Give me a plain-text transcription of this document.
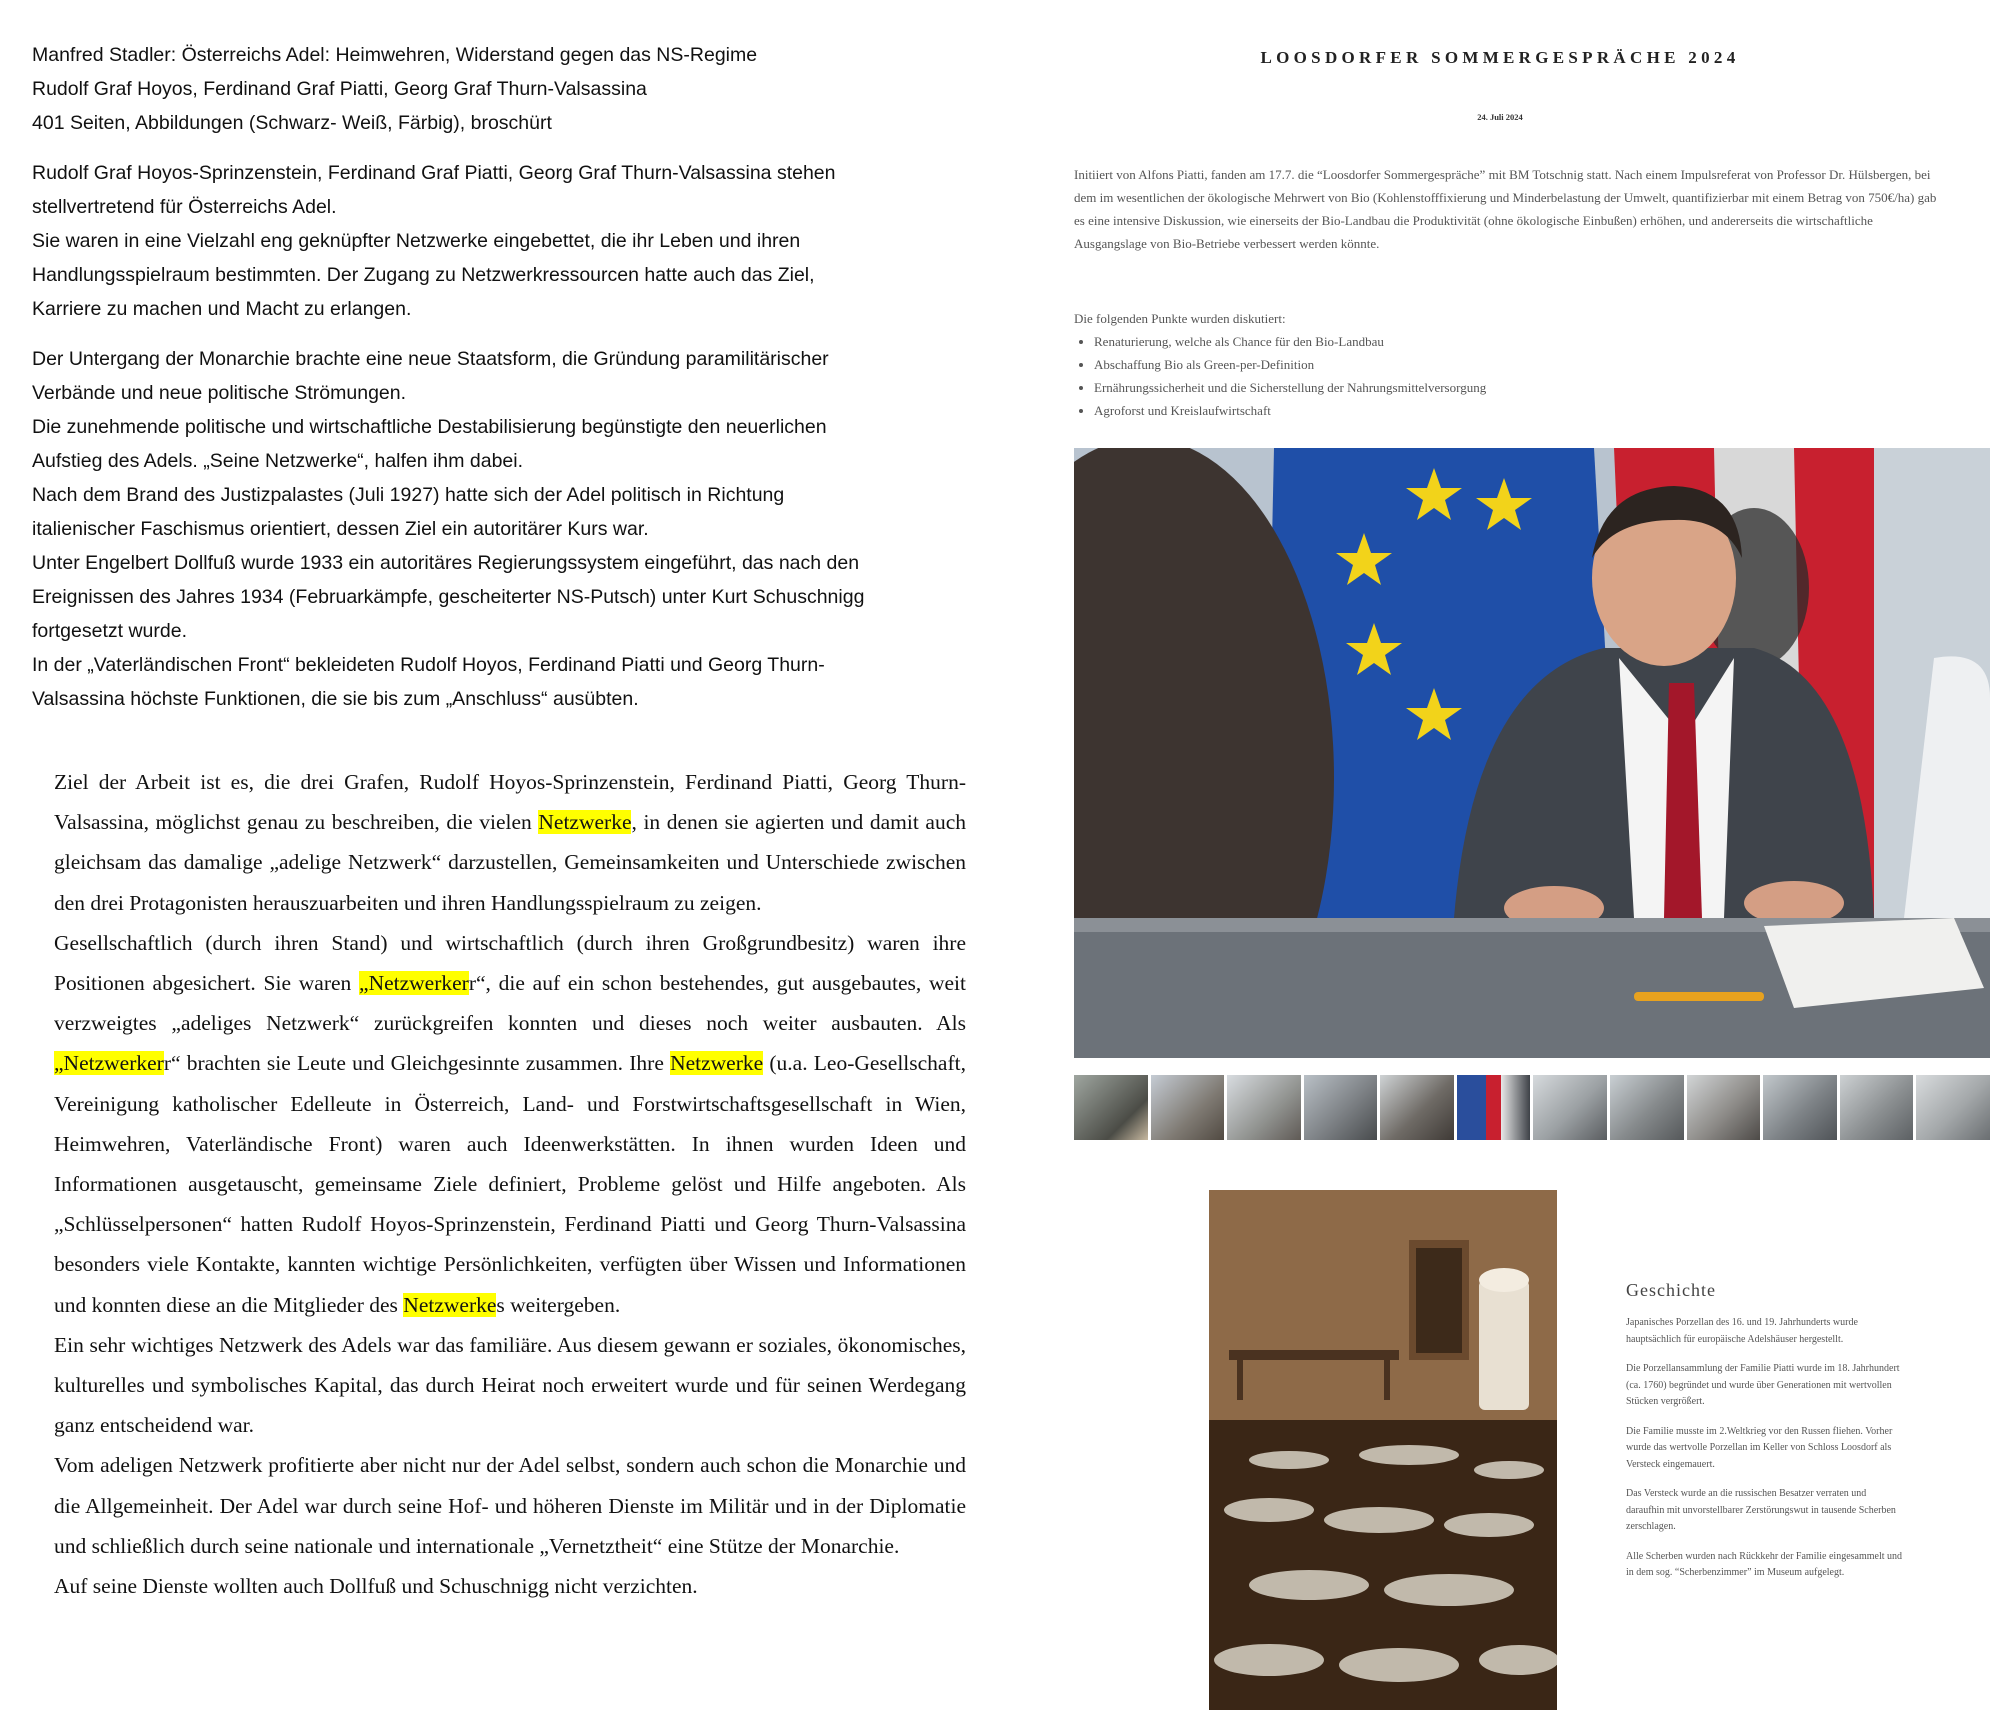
Manfred Stadler: Österreichs Adel: Heimwehren, Widerstand gegen das NS-Regime

Rudolf Graf Hoyos, Ferdinand Graf Piatti, Georg Graf Thurn-Valsassina

401 Seiten, Abbildungen (Schwarz- Weiß, Färbig), broschürt

Rudolf Graf Hoyos-Sprinzenstein, Ferdinand Graf Piatti, Georg Graf Thurn-Valsassina stehen

stellvertretend für Österreichs Adel.

Sie waren in eine Vielzahl eng geknüpfter Netzwerke eingebettet, die ihr Leben und ihren

Handlungsspielraum bestimmten. Der Zugang zu Netzwerkressourcen hatte auch das Ziel,

Karriere zu machen und Macht zu erlangen.

Der Untergang der Monarchie brachte eine neue Staatsform, die Gründung paramilitärischer

Verbände und neue politische Strömungen.

Die zunehmende politische und wirtschaftliche Destabilisierung begünstigte den neuerlichen

Aufstieg des Adels. „Seine Netzwerke“, halfen ihm dabei.

Nach dem Brand des Justizpalastes (Juli 1927) hatte sich der Adel politisch in Richtung

italienischer Faschismus orientiert, dessen Ziel ein autoritärer Kurs war.

Unter Engelbert Dollfuß wurde 1933 ein autoritäres Regierungssystem eingeführt, das nach den

Ereignissen des Jahres 1934 (Februarkämpfe, gescheiterter NS-Putsch) unter Kurt Schuschnigg

fortgesetzt wurde.

In der „Vaterländischen Front“ bekleideten Rudolf Hoyos, Ferdinand Piatti und Georg Thurn-

Valsassina höchste Funktionen, die sie bis zum „Anschluss“ ausübten.

Ziel der Arbeit ist es, die drei Grafen, Rudolf Hoyos-Sprinzenstein, Ferdinand Piatti, Georg Thurn-Valsassina, möglichst genau zu beschreiben, die vielen Netzwerke, in denen sie agierten und damit auch gleichsam das damalige „adelige Netzwerk“ darzustellen, Gemeinsamkeiten und Unterschiede zwischen den drei Protagonisten herauszuarbeiten und ihren Handlungsspielraum zu zeigen.

Gesellschaftlich (durch ihren Stand) und wirtschaftlich (durch ihren Großgrundbesitz) waren ihre Positionen abgesichert. Sie waren „Netzwerkerr“, die auf ein schon bestehendes, gut ausgebautes, weit verzweigtes „adeliges Netzwerk“ zurückgreifen konnten und dieses noch weiter ausbauten. Als „Netzwerkerr“ brachten sie Leute und Gleichgesinnte zusammen. Ihre Netzwerke (u.a. Leo-Gesellschaft, Vereinigung katholischer Edelleute in Österreich, Land- und Forstwirtschaftsgesellschaft in Wien, Heimwehren, Vaterländische Front) waren auch Ideenwerkstätten. In ihnen wurden Ideen und Informationen ausgetauscht, gemeinsame Ziele definiert, Probleme gelöst und Hilfe angeboten. Als „Schlüsselpersonen“ hatten Rudolf Hoyos-Sprinzenstein, Ferdinand Piatti und Georg Thurn-Valsassina besonders viele Kontakte, kannten wichtige Persönlichkeiten, verfügten über Wissen und Informationen und konnten diese an die Mitglieder des Netzwerkes weitergeben.

Ein sehr wichtiges Netzwerk des Adels war das familiäre. Aus diesem gewann er soziales, ökonomisches, kulturelles und symbolisches Kapital, das durch Heirat noch erweitert wurde und für seinen Werdegang ganz entscheidend war.

Vom adeligen Netzwerk profitierte aber nicht nur der Adel selbst, sondern auch schon die Monarchie und die Allgemeinheit. Der Adel war durch seine Hof- und höheren Dienste im Militär und in der Diplomatie und schließlich durch seine nationale und internationale „Vernetztheit“ eine Stütze der Monarchie.

Auf seine Dienste wollten auch Dollfuß und Schuschnigg nicht verzichten.

LOOSDORFER SOMMERGESPRÄCHE 2024
24. Juli 2024
Initiiert von Alfons Piatti, fanden am 17.7. die “Loosdorfer Sommergespräche” mit BM Totschnig statt. Nach einem Impulsreferat von Professor Dr. Hülsbergen, bei dem im wesentlichen der ökologische Mehrwert von Bio (Kohlenstofffixierung und Minderbelastung der Umwelt, quantifizierbar mit einem Betrag von 750€/ha) gab es eine intensive Diskussion, wie einerseits der Bio-Landbau die Produktivität (ohne ökologische Einbußen) erhöhen, und andererseits die wirtschaftliche Ausgangslage von Bio-Betriebe verbessert werden könnte.
Die folgenden Punkte wurden diskutiert:
• Renaturierung, welche als Chance für den Bio-Landbau
• Abschaffung Bio als Green-per-Definition
• Ernährungssicherheit und die Sicherstellung der Nahrungsmittelversorgung
• Agroforst und Kreislaufwirtschaft
Geschichte

Japanisches Porzellan des 16. und 19. Jahrhunderts wurde hauptsächlich für europäische Adelshäuser hergestellt.

Die Porzellansammlung der Familie Piatti wurde im 18. Jahrhundert (ca. 1760) begründet und wurde über Generationen mit wertvollen Stücken vergrößert.

Die Familie musste im 2.Weltkrieg vor den Russen fliehen. Vorher wurde das wertvolle Porzellan im Keller von Schloss Loosdorf als Versteck eingemauert.

Das Versteck wurde an die russischen Besatzer verraten und daraufhin mit unvorstellbarer Zerstörungswut in tausende Scherben zerschlagen.

Alle Scherben wurden nach Rückkehr der Familie eingesammelt und in dem sog. “Scherbenzimmer” im Museum aufgelegt.
